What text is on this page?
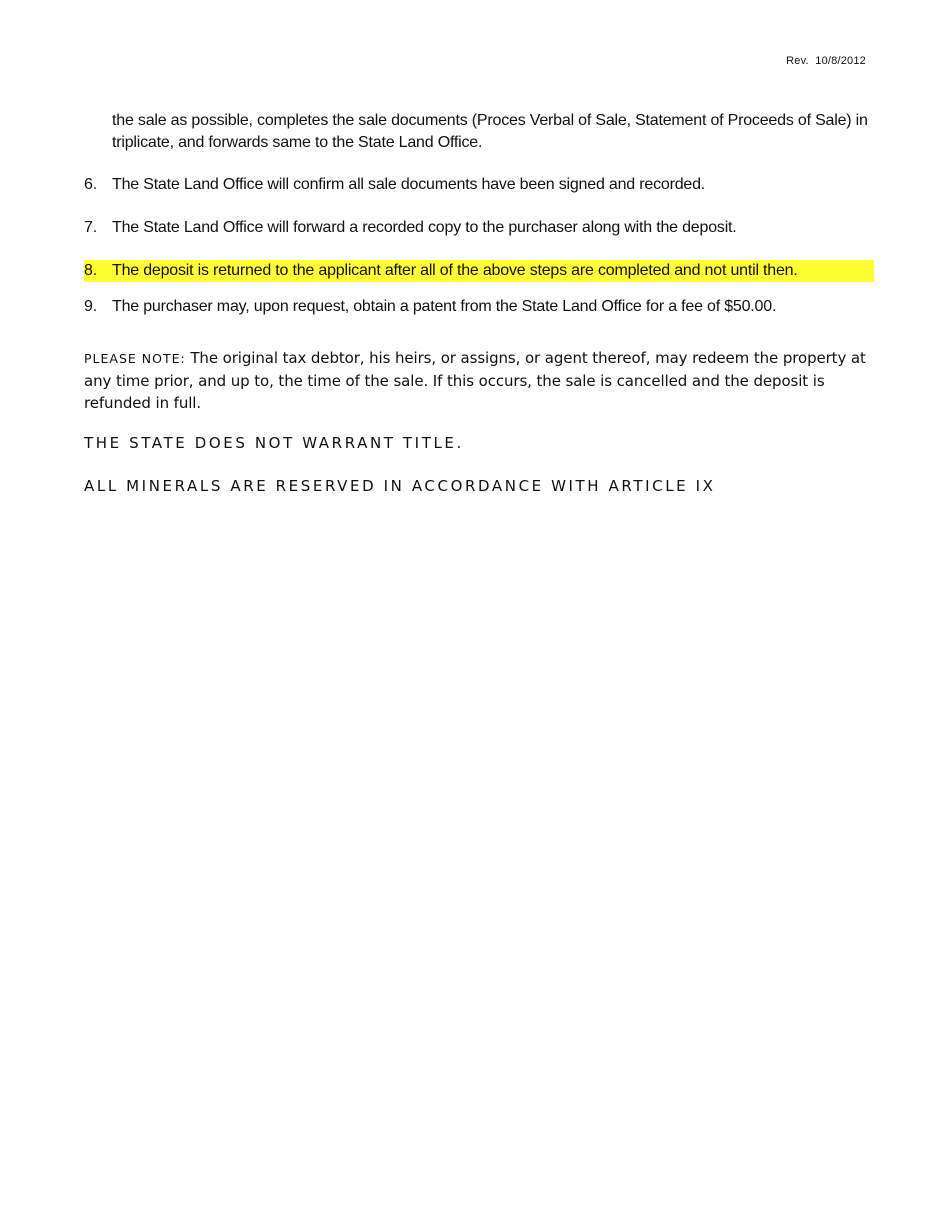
Rev.  10/8/2012
the sale as possible, completes the sale documents (Proces Verbal of Sale, Statement of Proceeds of Sale) in triplicate, and forwards same to the State Land Office.
6. The State Land Office will confirm all sale documents have been signed and recorded.
7. The State Land Office will forward a recorded copy to the purchaser along with the deposit.
8. The deposit is returned to the applicant after all of the above steps are completed and not until then.
9. The purchaser may, upon request, obtain a patent from the State Land Office for a fee of $50.00.
PLEASE NOTE: The original tax debtor, his heirs, or assigns, or agent thereof, may redeem the property at any time prior, and up to, the time of the sale. If this occurs, the sale is cancelled and the deposit is refunded in full.
THE STATE DOES NOT WARRANT TITLE.
ALL MINERALS ARE RESERVED IN ACCORDANCE WITH ARTICLE IX
